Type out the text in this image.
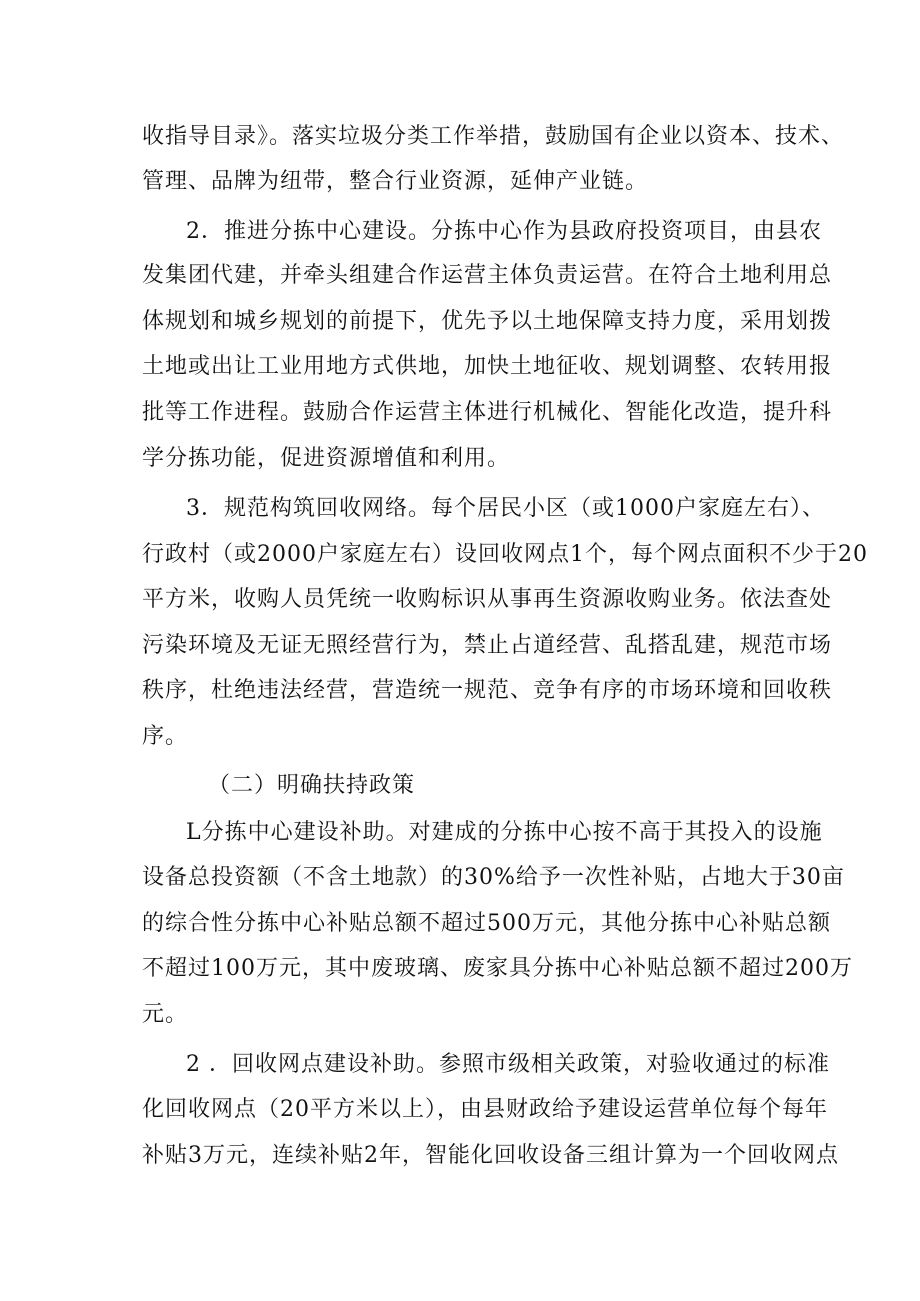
收指导目录》。落实垃圾分类工作举措，鼓励国有企业以资本、技术、
管理、品牌为纽带，整合行业资源，延伸产业链。
2．推进分拣中心建设。分拣中心作为县政府投资项目，由县农
发集团代建，并牵头组建合作运营主体负责运营。在符合土地利用总
体规划和城乡规划的前提下，优先予以土地保障支持力度，采用划拨
土地或出让工业用地方式供地，加快土地征收、规划调整、农转用报
批等工作进程。鼓励合作运营主体进行机械化、智能化改造，提升科
学分拣功能，促进资源增值和利用。
3．规范构筑回收网络。每个居民小区（或1000户家庭左右）、
行政村（或2000户家庭左右）设回收网点1个，每个网点面积不少于20
平方米，收购人员凭统一收购标识从事再生资源收购业务。依法查处
污染环境及无证无照经营行为，禁止占道经营、乱搭乱建，规范市场
秩序，杜绝违法经营，营造统一规范、竞争有序的市场环境和回收秩
序。
（二）明确扶持政策
L分拣中心建设补助。对建成的分拣中心按不高于其投入的设施
设备总投资额（不含土地款）的30%给予一次性补贴，占地大于30亩
的综合性分拣中心补贴总额不超过500万元，其他分拣中心补贴总额
不超过100万元，其中废玻璃、废家具分拣中心补贴总额不超过200万
元。
2 ．回收网点建设补助。参照市级相关政策，对验收通过的标准
化回收网点（20平方米以上），由县财政给予建设运营单位每个每年
补贴3万元，连续补贴2年，智能化回收设备三组计算为一个回收网点
